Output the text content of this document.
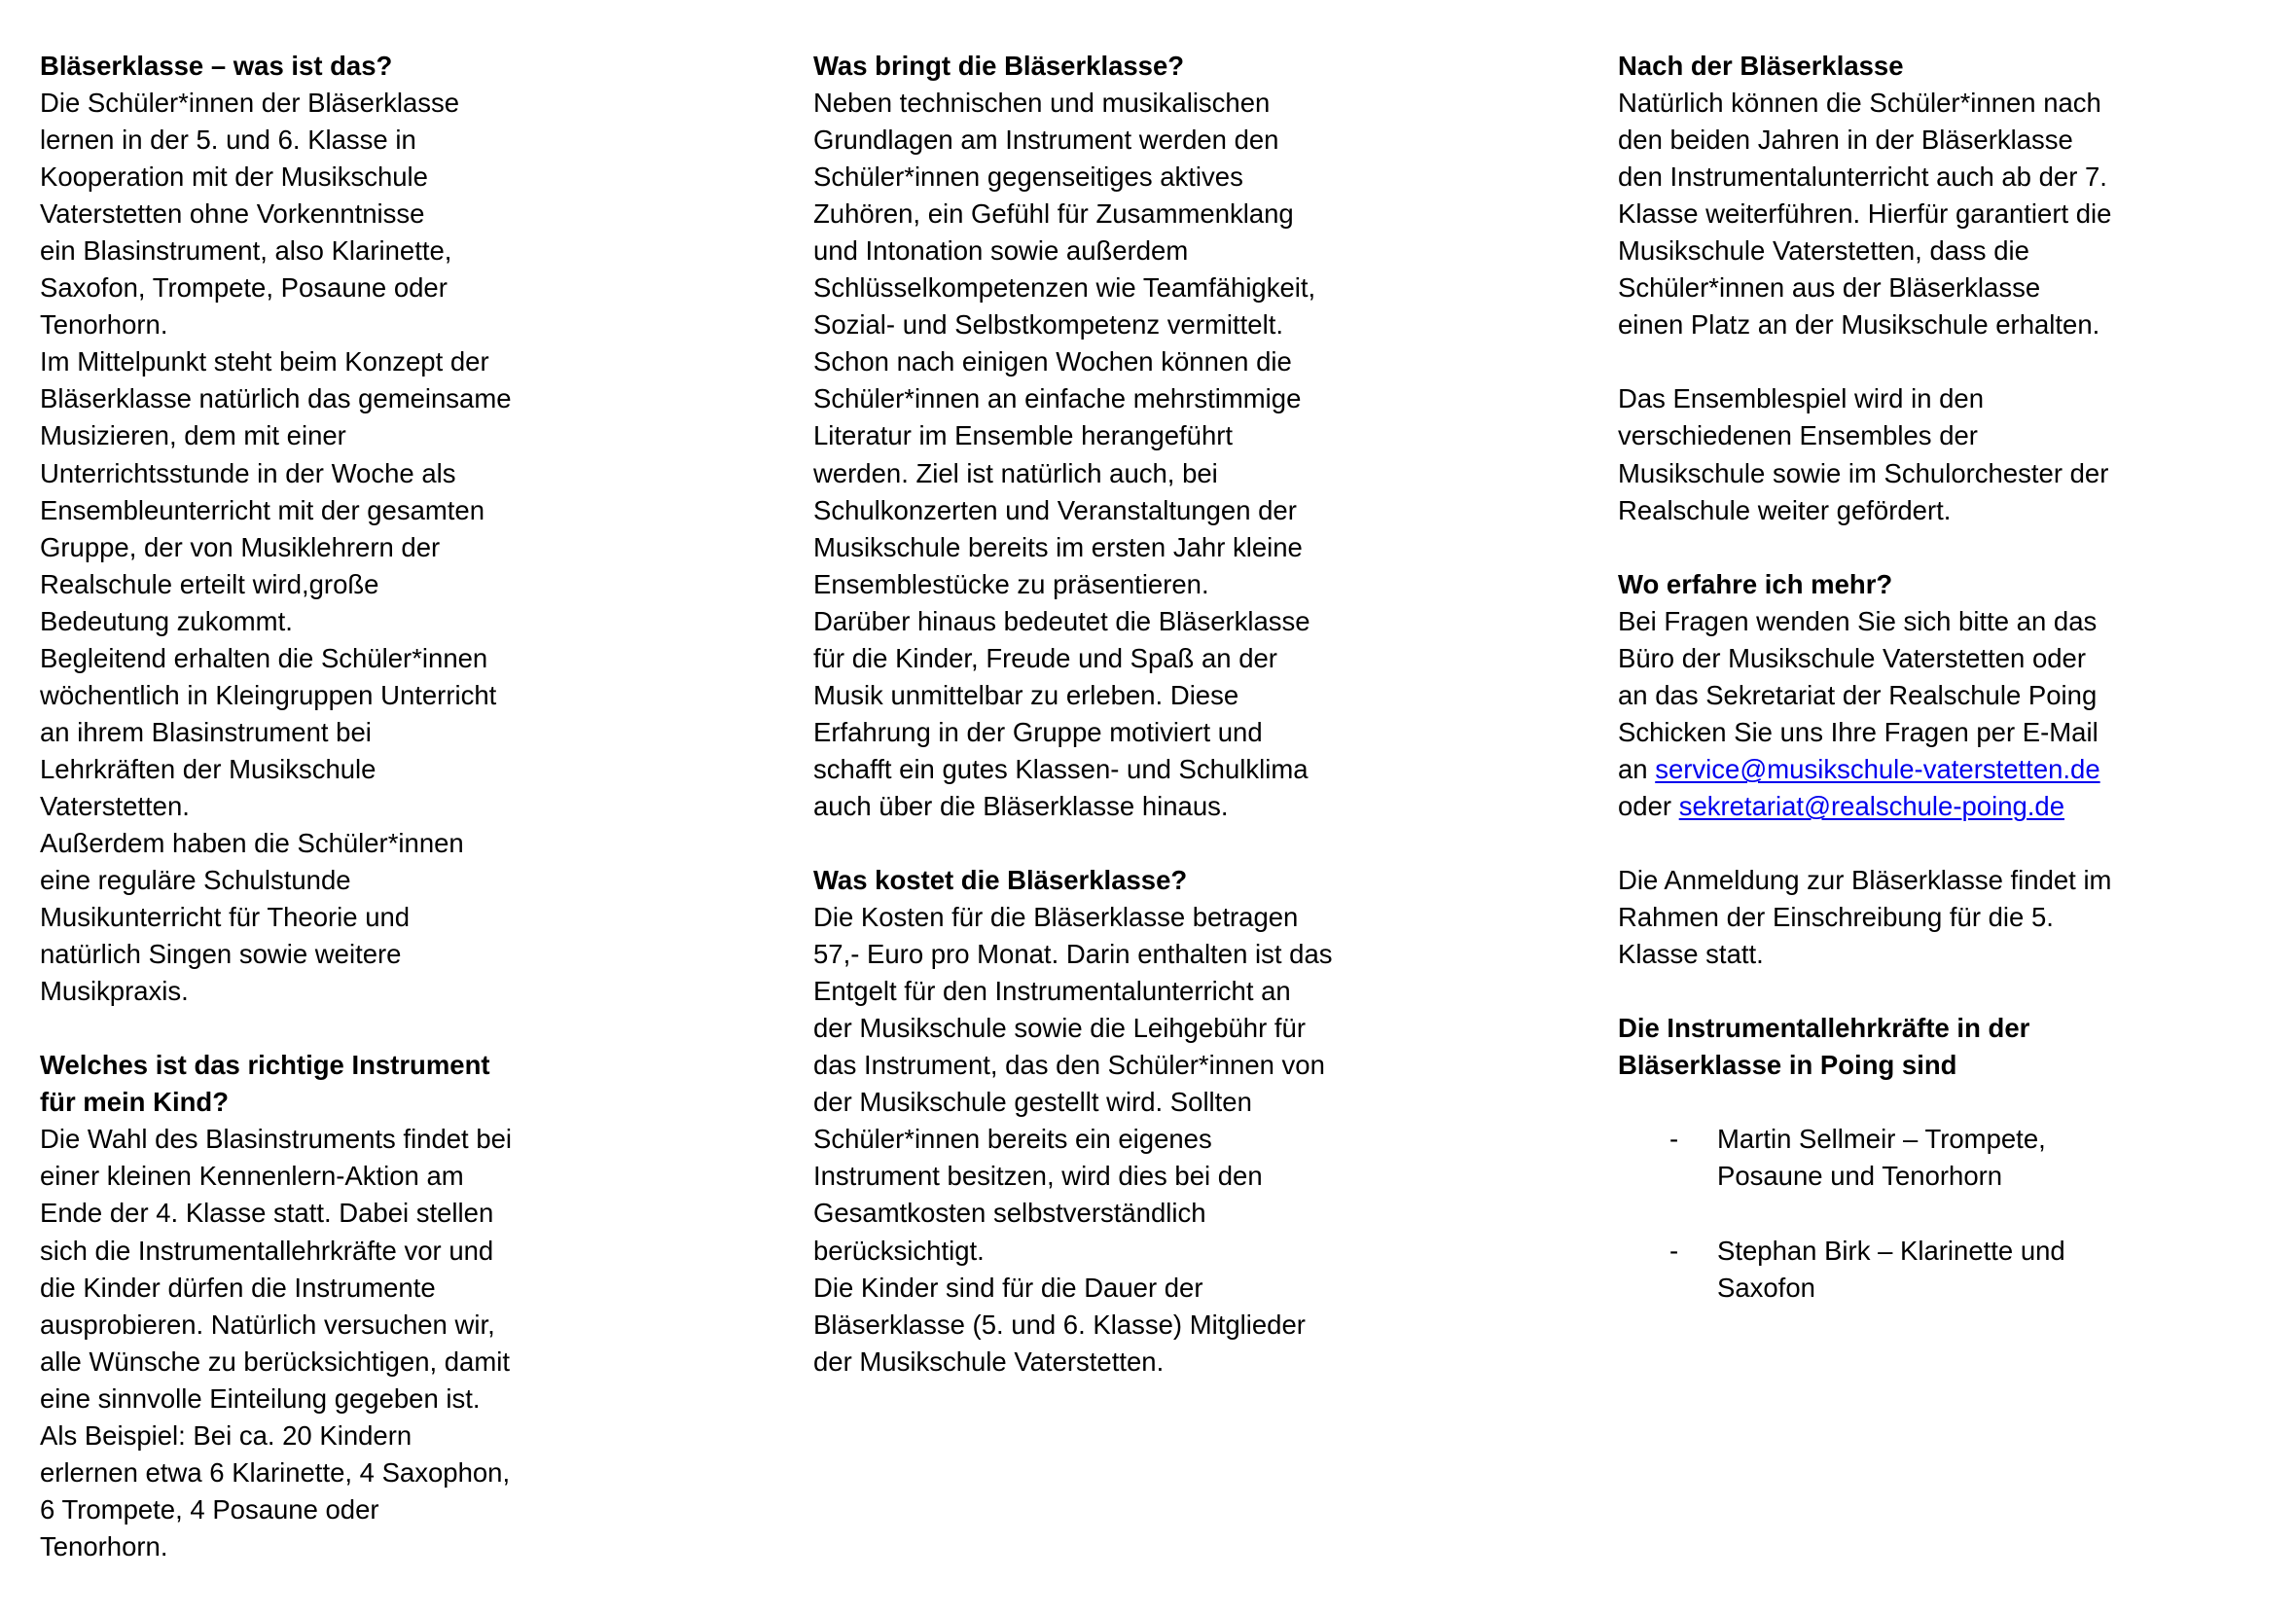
Bläserklasse – was ist das?
Die Schüler*innen der Bläserklasse
lernen in der 5. und 6. Klasse in
Kooperation mit der Musikschule
Vaterstetten ohne Vorkenntnisse
ein Blasinstrument, also Klarinette,
Saxofon, Trompete, Posaune oder
Tenorhorn.
Im Mittelpunkt steht beim Konzept der
Bläserklasse natürlich das gemeinsame
Musizieren, dem mit einer
Unterrichtsstunde in der Woche als
Ensembleunterricht mit der gesamten
Gruppe, der von Musiklehrern der
Realschule erteilt wird,große
Bedeutung zukommt.
Begleitend erhalten die Schüler*innen
wöchentlich in Kleingruppen Unterricht
an ihrem Blasinstrument bei
Lehrkräften der Musikschule
Vaterstetten.
Außerdem haben die Schüler*innen
eine reguläre Schulstunde
Musikunterricht für Theorie und
natürlich Singen sowie weitere
Musikpraxis.
Welches ist das richtige Instrument
für mein Kind?
Die Wahl des Blasinstruments findet bei
einer kleinen Kennenlern-Aktion am
Ende der 4. Klasse statt. Dabei stellen
sich die Instrumentallehrkräfte vor und
die Kinder dürfen die Instrumente
ausprobieren. Natürlich versuchen wir,
alle Wünsche zu berücksichtigen, damit
eine sinnvolle Einteilung gegeben ist.
Als Beispiel: Bei ca. 20 Kindern
erlernen etwa 6 Klarinette, 4 Saxophon,
6 Trompete, 4 Posaune oder
Tenorhorn.
Was bringt die Bläserklasse?
Neben technischen und musikalischen
Grundlagen am Instrument werden den
Schüler*innen gegenseitiges aktives
Zuhören, ein Gefühl für Zusammenklang
und Intonation sowie außerdem
Schlüsselkompetenzen wie Teamfähigkeit,
Sozial- und Selbstkompetenz vermittelt.
Schon nach einigen Wochen können die
Schüler*innen an einfache mehrstimmige
Literatur im Ensemble herangeführt
werden. Ziel ist natürlich auch, bei
Schulkonzerten und Veranstaltungen der
Musikschule bereits im ersten Jahr kleine
Ensemblestücke zu präsentieren.
Darüber hinaus bedeutet die Bläserklasse
für die Kinder, Freude und Spaß an der
Musik unmittelbar zu erleben. Diese
Erfahrung in der Gruppe motiviert und
schafft ein gutes Klassen- und Schulklima
auch über die Bläserklasse hinaus.
Was kostet die Bläserklasse?
Die Kosten für die Bläserklasse betragen
57,- Euro pro Monat. Darin enthalten ist das
Entgelt für den Instrumentalunterricht an
der Musikschule sowie die Leihgebühr für
das Instrument, das den Schüler*innen von
der Musikschule gestellt wird. Sollten
Schüler*innen bereits ein eigenes
Instrument besitzen, wird dies bei den
Gesamtkosten selbstverständlich
berücksichtigt.
Die Kinder sind für die Dauer der
Bläserklasse (5. und 6. Klasse) Mitglieder
der Musikschule Vaterstetten.
Nach der Bläserklasse
Natürlich können die Schüler*innen nach
den beiden Jahren in der Bläserklasse
den Instrumentalunterricht auch ab der 7.
Klasse weiterführen. Hierfür garantiert die
Musikschule Vaterstetten, dass die
Schüler*innen aus der Bläserklasse
einen Platz an der Musikschule erhalten.
Das Ensemblespiel wird in den
verschiedenen Ensembles der
Musikschule sowie im Schulorchester der
Realschule weiter gefördert.
Wo erfahre ich mehr?
Bei Fragen wenden Sie sich bitte an das
Büro der Musikschule Vaterstetten oder
an das Sekretariat der Realschule Poing
Schicken Sie uns Ihre Fragen per E-Mail
an service@musikschule-vaterstetten.de
oder sekretariat@realschule-poing.de
Die Anmeldung zur Bläserklasse findet im
Rahmen der Einschreibung für die 5.
Klasse statt.
Die Instrumentallehrkräfte in der
Bläserklasse in Poing sind
- Martin Sellmeir – Trompete,
Posaune und Tenorhorn
- Stephan Birk – Klarinette und
Saxofon
